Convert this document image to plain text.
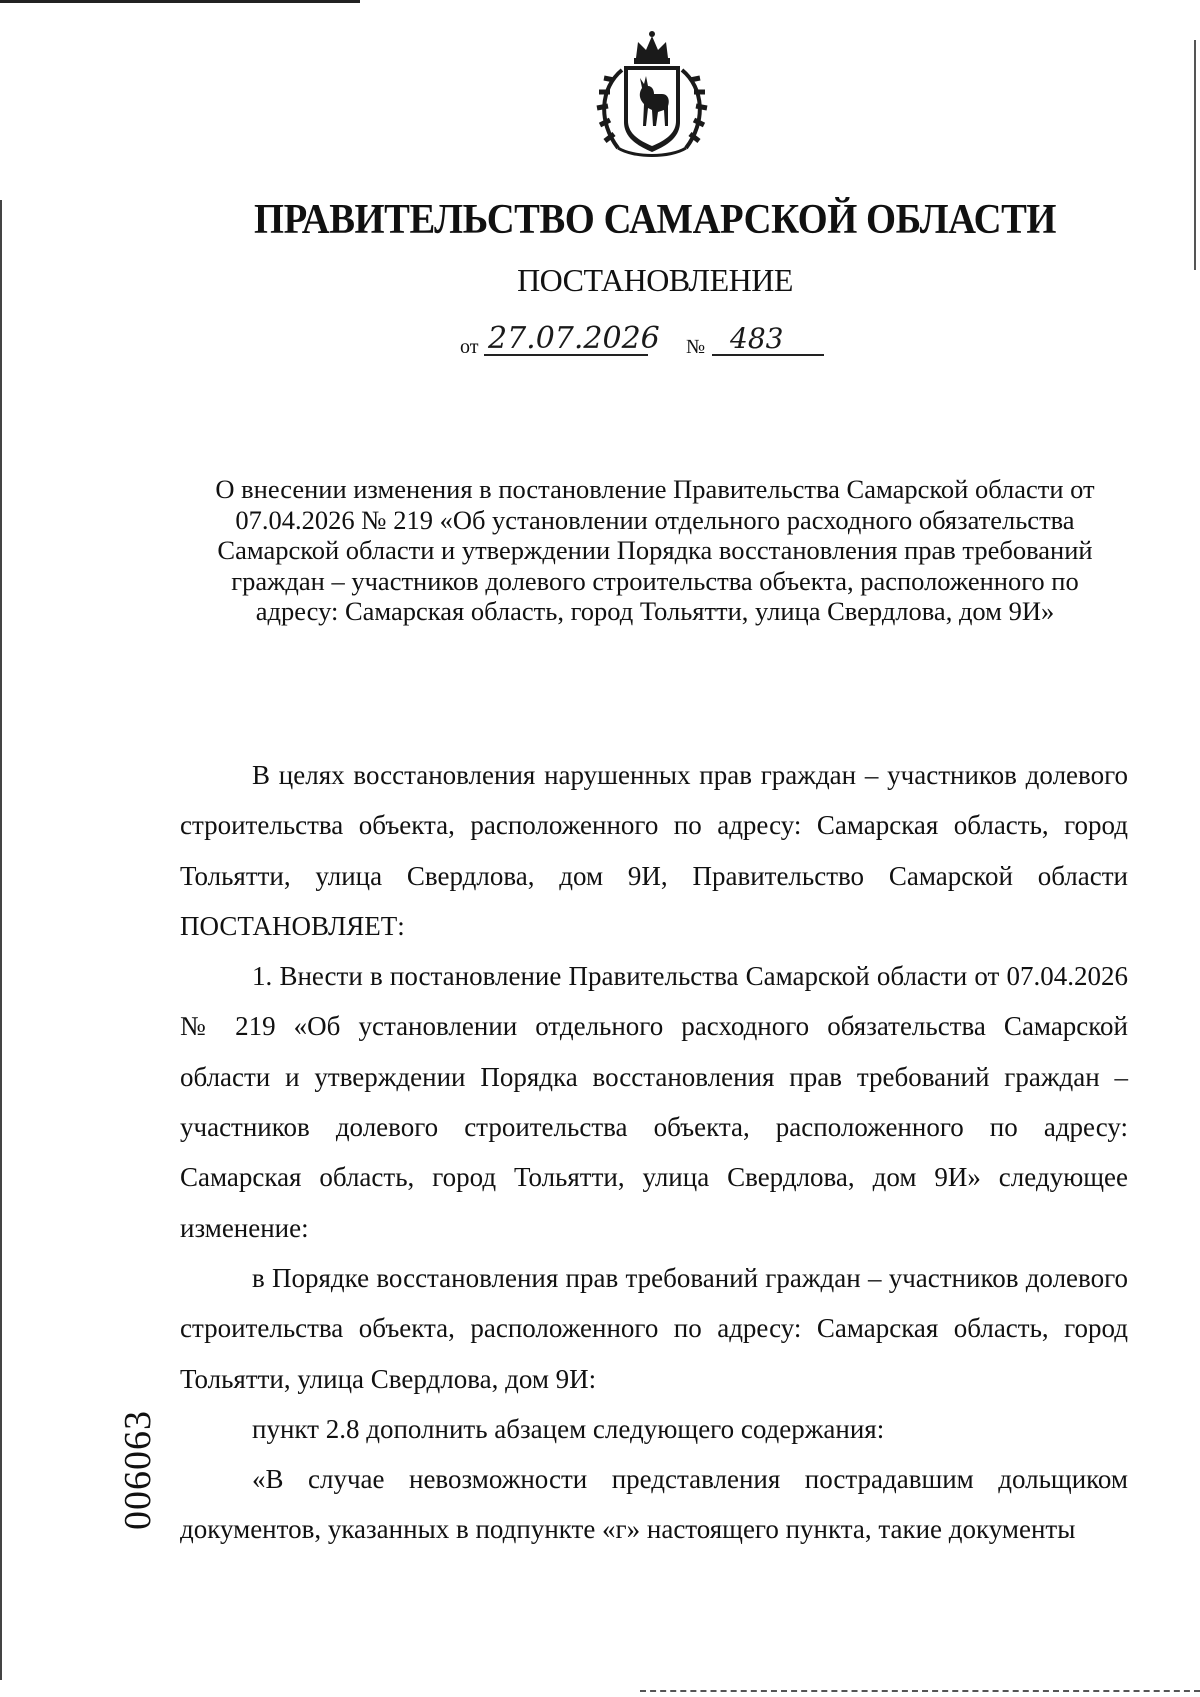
ПРАВИТЕЛЬСТВО САМАРСКОЙ ОБЛАСТИ
ПОСТАНОВЛЕНИЕ
от 27.07.2026 № 483
О внесении изменения в постановление Правительства Самарской области от 07.04.2026 № 219 «Об установлении отдельного расходного обязательства Самарской области и утверждении Порядка восстановления прав требований граждан – участников долевого строительства объекта, расположенного по адресу: Самарская область, город Тольятти, улица Свердлова, дом 9И»

В целях восстановления нарушенных прав граждан – участников долевого строительства объекта, расположенного по адресу: Самарская область, город Тольятти, улица Свердлова, дом 9И, Правительство Самарской области ПОСТАНОВЛЯЕТ:

1. Внести в постановление Правительства Самарской области от 07.04.2026 № 219 «Об установлении отдельного расходного обязательства Самарской области и утверждении Порядка восстановления прав требований граждан – участников долевого строительства объекта, расположенного по адресу: Самарская область, город Тольятти, улица Свердлова, дом 9И» следующее изменение:

в Порядке восстановления прав требований граждан – участников долевого строительства объекта, расположенного по адресу: Самарская область, город Тольятти, улица Свердлова, дом 9И:

пункт 2.8 дополнить абзацем следующего содержания:

«В случае невозможности представления пострадавшим дольщиком документов, указанных в подпункте «г» настоящего пункта, такие документы

006063
